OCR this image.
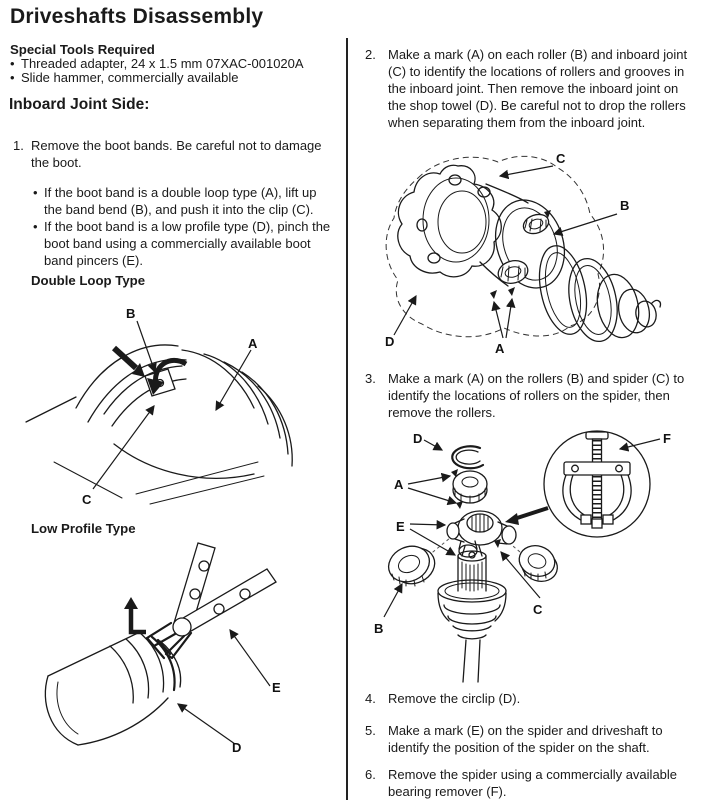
Driveshafts Disassembly
Special Tools Required
• Threaded adapter, 24 x 1.5 mm 07XAC-001020A
• Slide hammer, commercially available
Inboard Joint Side:
1. Remove the boot bands. Be careful not to damage the boot.
• If the boot band is a double loop type (A), lift up the band bend (B), and push it into the clip (C).
• If the boot band is a low profile type (D), pinch the boot band using a commercially available boot band pincers (E).
Double Loop Type
B
A
C
Low Profile Type
E
D
2. Make a mark (A) on each roller (B) and inboard joint (C) to identify the locations of rollers and grooves in the inboard joint. Then remove the inboard joint on the shop towel (D). Be careful not to drop the rollers when separating them from the inboard joint.
C
B
A
D
3. Make a mark (A) on the rollers (B) and spider (C) to identify the locations of rollers on the spider, then remove the rollers.
D
A
E
B
C
F
4. Remove the circlip (D).
5. Make a mark (E) on the spider and driveshaft to identify the position of the spider on the shaft.
6. Remove the spider using a commercially available bearing remover (F).
